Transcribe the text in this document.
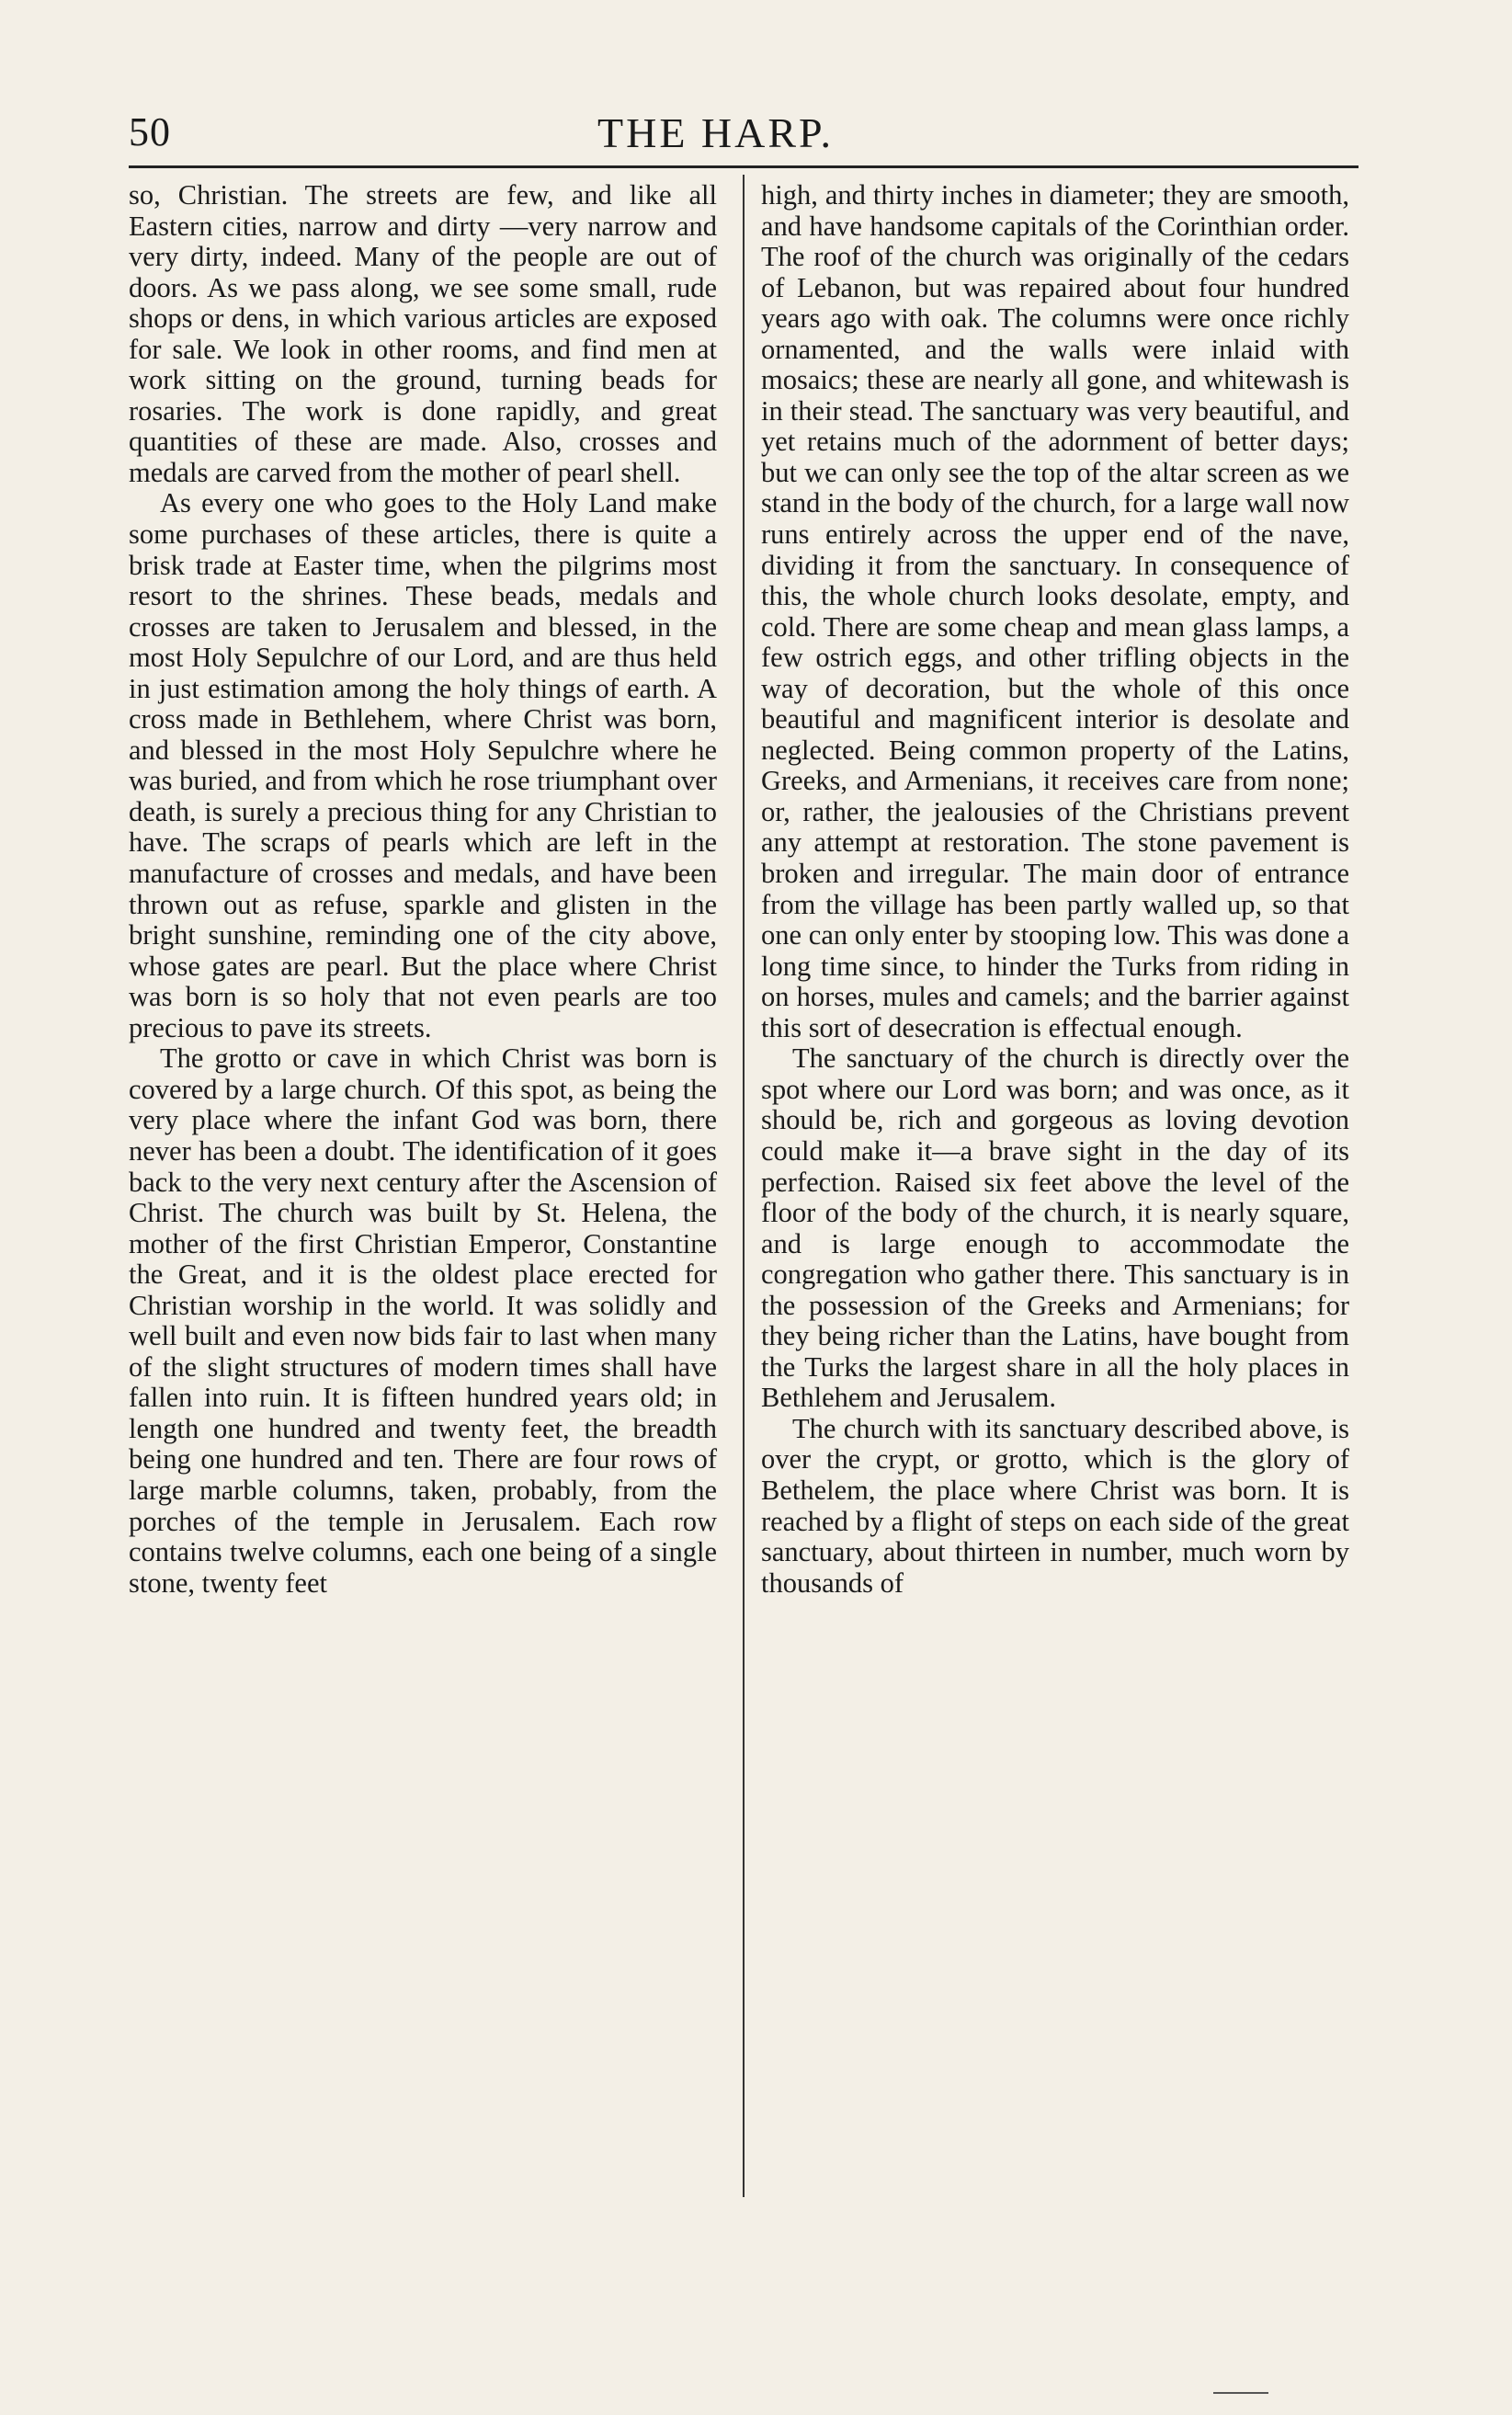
50	THE HARP.

so, Christian. The streets are few, and like all Eastern cities, narrow and dirty —very narrow and very dirty, indeed. Many of the people are out of doors. As we pass along, we see some small, rude shops or dens, in which various articles are exposed for sale. We look in other rooms, and find men at work sitting on the ground, turning beads for rosaries. The work is done rapidly, and great quantities of these are made. Also, crosses and medals are carved from the mother of pearl shell.

As every one who goes to the Holy Land make some purchases of these articles, there is quite a brisk trade at Easter time, when the pilgrims most resort to the shrines. These beads, medals and crosses are taken to Jerusalem and blessed, in the most Holy Sepulchre of our Lord, and are thus held in just estimation among the holy things of earth. A cross made in Bethlehem, where Christ was born, and blessed in the most Holy Sepulchre where he was buried, and from which he rose triumphant over death, is surely a precious thing for any Christian to have. The scraps of pearls which are left in the manufacture of crosses and medals, and have been thrown out as refuse, sparkle and glisten in the bright sunshine, reminding one of the city above, whose gates are pearl. But the place where Christ was born is so holy that not even pearls are too precious to pave its streets.

The grotto or cave in which Christ was born is covered by a large church. Of this spot, as being the very place where the infant God was born, there never has been a doubt. The identification of it goes back to the very next century after the Ascension of Christ. The church was built by St. Helena, the mother of the first Christian Emperor, Constantine the Great, and it is the oldest place erected for Christian worship in the world. It was solidly and well built and even now bids fair to last when many of the slight structures of modern times shall have fallen into ruin. It is fifteen hundred years old; in length one hundred and twenty feet, the breadth being one hundred and ten. There are four rows of large marble columns, taken, probably, from the porches of the temple in Jerusalem. Each row contains twelve columns, each one being of a single stone, twenty feet

high, and thirty inches in diameter; they are smooth, and have handsome capitals of the Corinthian order. The roof of the church was originally of the cedars of Lebanon, but was repaired about four hundred years ago with oak. The columns were once richly ornamented, and the walls were inlaid with mosaics; these are nearly all gone, and whitewash is in their stead. The sanctuary was very beautiful, and yet retains much of the adornment of better days; but we can only see the top of the altar screen as we stand in the body of the church, for a large wall now runs entirely across the upper end of the nave, dividing it from the sanctuary. In consequence of this, the whole church looks desolate, empty, and cold. There are some cheap and mean glass lamps, a few ostrich eggs, and other trifling objects in the way of decoration, but the whole of this once beautiful and magnificent interior is desolate and neglected. Being common property of the Latins, Greeks, and Armenians, it receives care from none; or, rather, the jealousies of the Christians prevent any attempt at restoration. The stone pavement is broken and irregular. The main door of entrance from the village has been partly walled up, so that one can only enter by stooping low. This was done a long time since, to hinder the Turks from riding in on horses, mules and camels; and the barrier against this sort of desecration is effectual enough.

The sanctuary of the church is directly over the spot where our Lord was born; and was once, as it should be, rich and gorgeous as loving devotion could make it—a brave sight in the day of its perfection. Raised six feet above the level of the floor of the body of the church, it is nearly square, and is large enough to accommodate the congregation who gather there. This sanctuary is in the possession of the Greeks and Armenians; for they being richer than the Latins, have bought from the Turks the largest share in all the holy places in Bethlehem and Jerusalem.

The church with its sanctuary described above, is over the crypt, or grotto, which is the glory of Bethelem, the place where Christ was born. It is reached by a flight of steps on each side of the great sanctuary, about thirteen in number, much worn by thousands of
